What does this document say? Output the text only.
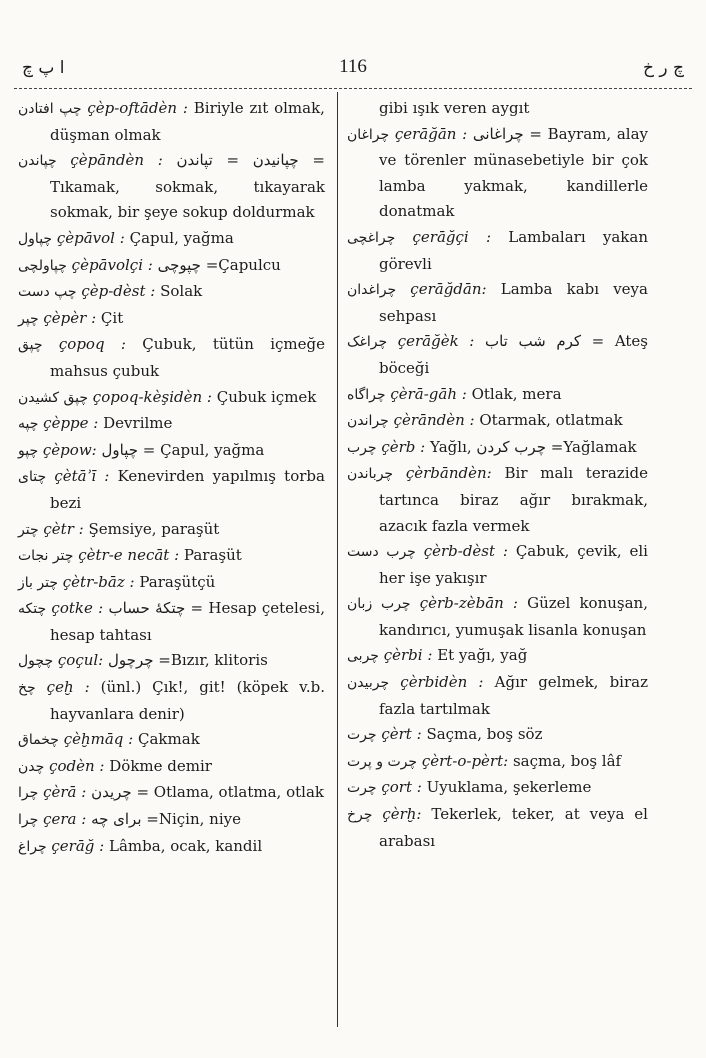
ا پ چ	116	چ ر خ
چپ افتادن çèp-oftādèn : Biriyle zıt olmak, düşman olmak
چپاندن çèpāndèn : چپانیدن = تپاندن = Tıkamak, sokmak, tıkayarak sokmak, bir şeye sokup doldurmak
چپاول çèpāvol : Çapul, yağma
چپاولچی çèpāvolçi : چپوچی =Çapulcu
چپ دست çèp-dèst : Solak
چپر çèpèr : Çit
چپق çopoq : Çubuk, tütün içmeğe mahsus çubuk
چپق کشیدن çopoq-kèşidèn : Çubuk içmek
چپه çèppe : Devrilme
چپو çèpow: چپاول = Çapul, yağma
چتای çètāʾī : Kenevirden yapılmış torba bezi
چتر çètr : Şemsiye, paraşüt
چتر نجات çètr-e necāt : Paraşüt
چتر باز çètr-bāz : Paraşütçü
چتکه çotke : چتکهٔ حساب = Hesap çetelesi, hesap tahtası
چچول çoçul: چرچول =Bızır, klitoris
چخ çeḫ : (ünl.) Çık!, git! (köpek v.b. hayvanlara denir)
چخماق çèḫmāq : Çakmak
چدن çodèn : Dökme demir
چرا çèrā : چریدن = Otlama, otlatma, otlak
چرا çera : برای چه =Niçin, niye
چراغ çerāğ : Lâmba, ocak, kandil
gibi ışık veren aygıt
چراغان çerāğān : چراغانی = Bayram, alay ve törenler münasebetiyle bir çok lamba yakmak, kandillerle donatmak
چراغچی çerāğçi : Lambaları yakan görevli
چراغدان çerāğdān: Lamba kabı veya sehpası
چراغک çerāğèk : کرم شب تاب = Ateş böceği
چراگاه çèrā-gāh : Otlak, mera
چراندن çèrāndèn : Otarmak, otlatmak
چرب çèrb : Yağlı, چرب کردن =Yağlamak
چرباندن çèrbāndèn: Bir malı terazide tartınca biraz ağır bırakmak, azacık fazla vermek
چرب دست çèrb-dèst : Çabuk, çevik, eli her işe yakışır
چرب زبان çèrb-zèbān : Güzel konuşan, kandırıcı, yumuşak lisanla konuşan
چربی çèrbi : Et yağı, yağ
چربیدن çèrbidèn : Ağır gelmek, biraz fazla tartılmak
چرت çèrt : Saçma, boş söz
چرت و پرت çèrt-o-pèrt: saçma, boş lâf
چرت çort : Uyuklama, şekerleme
چرخ çèrḫ: Tekerlek, teker, at veya el arabası
